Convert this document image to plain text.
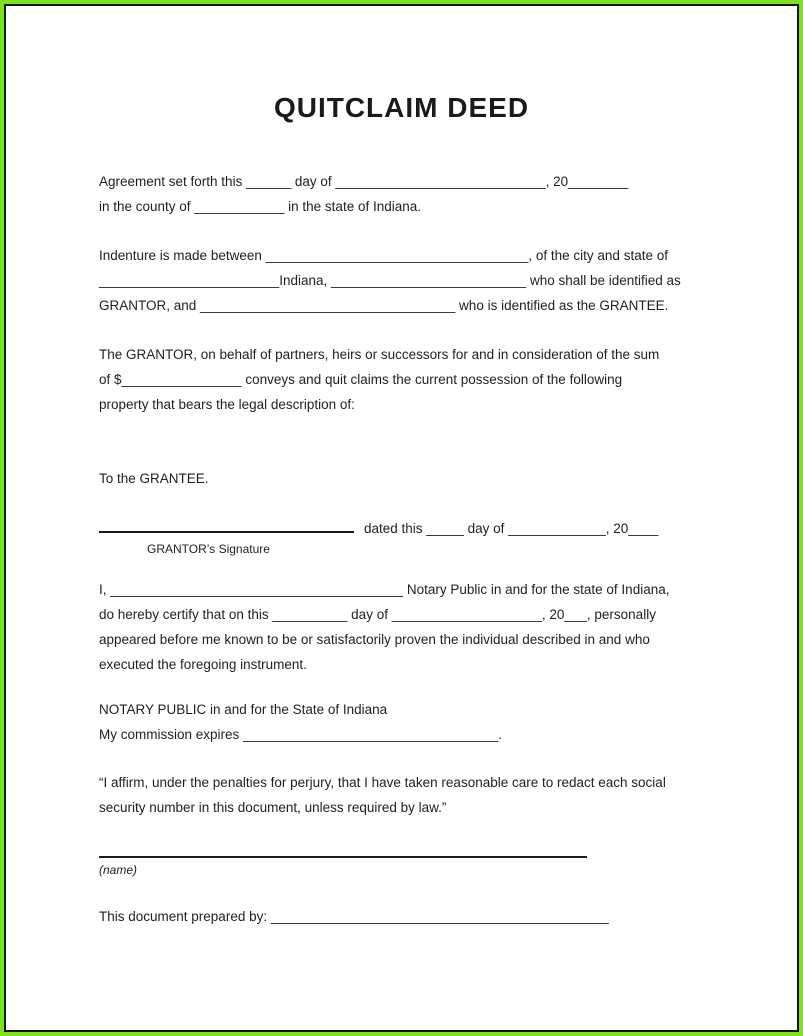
QUITCLAIM DEED
Agreement set forth this ______ day of ____________________________, 20________
in the county of ____________ in the state of Indiana.
Indenture is made between ___________________________________, of the city and state of
________________________Indiana, __________________________ who shall be identified as
GRANTOR, and __________________________________ who is identified as the GRANTEE.
The GRANTOR, on behalf of partners, heirs or successors for and in consideration of the sum
of $________________ conveys and quit claims the current possession of the following
property that bears the legal description of:
To the GRANTEE.
dated this _____ day of _____________, 20____
GRANTOR’s Signature
I, _______________________________________ Notary Public in and for the state of Indiana,
do hereby certify that on this __________ day of ____________________, 20___, personally
appeared before me known to be or satisfactorily proven the individual described in and who
executed the foregoing instrument.
NOTARY PUBLIC in and for the State of Indiana
My commission expires __________________________________.
“I affirm, under the penalties for perjury, that I have taken reasonable care to redact each social
security number in this document, unless required by law.”
(name)
This document prepared by: _____________________________________________
